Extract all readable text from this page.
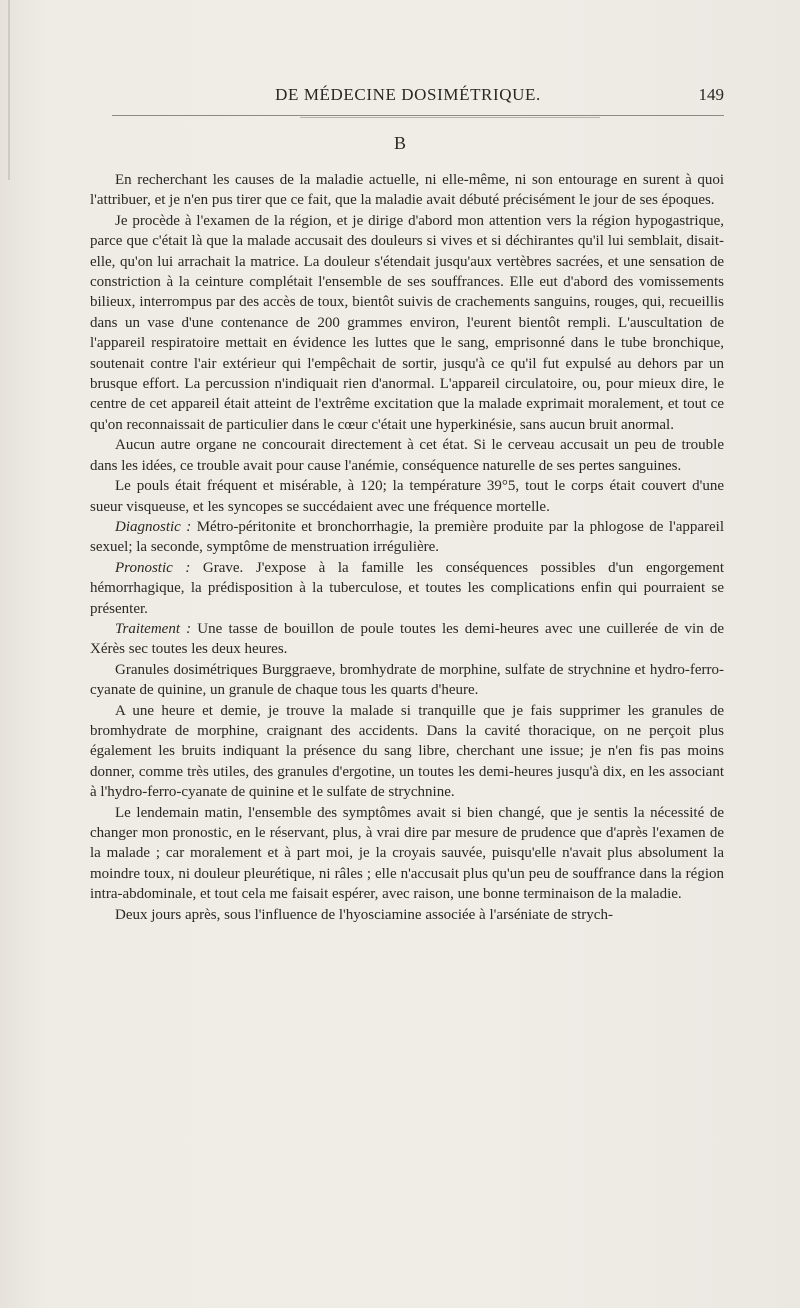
DE MÉDECINE DOSIMÉTRIQUE.	149
B

En recherchant les causes de la maladie actuelle, ni elle-même, ni son entourage en surent à quoi l'attribuer, et je n'en pus tirer que ce fait, que la maladie avait débuté précisément le jour de ses époques.

Je procède à l'examen de la région, et je dirige d'abord mon attention vers la région hypogastrique, parce que c'était là que la malade accusait des douleurs si vives et si déchirantes qu'il lui semblait, disait-elle, qu'on lui arrachait la matrice. La douleur s'étendait jusqu'aux vertèbres sacrées, et une sensation de constriction à la ceinture complétait l'ensemble de ses souffrances. Elle eut d'abord des vomissements bilieux, interrompus par des accès de toux, bientôt suivis de crachements sanguins, rouges, qui, recueillis dans un vase d'une contenance de 200 grammes environ, l'eurent bientôt rempli. L'auscultation de l'appareil respiratoire mettait en évidence les luttes que le sang, emprisonné dans le tube bronchique, soutenait contre l'air extérieur qui l'empêchait de sortir, jusqu'à ce qu'il fut expulsé au dehors par un brusque effort. La percussion n'indiquait rien d'anormal. L'appareil circulatoire, ou, pour mieux dire, le centre de cet appareil était atteint de l'extrême excitation que la malade exprimait moralement, et tout ce qu'on reconnaissait de particulier dans le cœur c'était une hyperkinésie, sans aucun bruit anormal.

Aucun autre organe ne concourait directement à cet état. Si le cerveau accusait un peu de trouble dans les idées, ce trouble avait pour cause l'anémie, conséquence naturelle de ses pertes sanguines.

Le pouls était fréquent et misérable, à 120; la température 39°5, tout le corps était couvert d'une sueur visqueuse, et les syncopes se succédaient avec une fréquence mortelle.

Diagnostic : Métro-péritonite et bronchorrhagie, la première produite par la phlogose de l'appareil sexuel; la seconde, symptôme de menstruation irrégulière.

Pronostic : Grave. J'expose à la famille les conséquences possibles d'un engorgement hémorrhagique, la prédisposition à la tuberculose, et toutes les complications enfin qui pourraient se présenter.

Traitement : Une tasse de bouillon de poule toutes les demi-heures avec une cuillerée de vin de Xérès sec toutes les deux heures.

Granules dosimétriques Burggraeve, bromhydrate de morphine, sulfate de strychnine et hydro-ferro-cyanate de quinine, un granule de chaque tous les quarts d'heure.

A une heure et demie, je trouve la malade si tranquille que je fais supprimer les granules de bromhydrate de morphine, craignant des accidents. Dans la cavité thoracique, on ne perçoit plus également les bruits indiquant la présence du sang libre, cherchant une issue; je n'en fis pas moins donner, comme très utiles, des granules d'ergotine, un toutes les demi-heures jusqu'à dix, en les associant à l'hydro-ferro-cyanate de quinine et le sulfate de strychnine.

Le lendemain matin, l'ensemble des symptômes avait si bien changé, que je sentis la nécessité de changer mon pronostic, en le réservant, plus, à vrai dire par mesure de prudence que d'après l'examen de la malade ; car moralement et à part moi, je la croyais sauvée, puisqu'elle n'avait plus absolument la moindre toux, ni douleur pleurétique, ni râles ; elle n'accusait plus qu'un peu de souffrance dans la région intra-abdominale, et tout cela me faisait espérer, avec raison, une bonne terminaison de la maladie.

Deux jours après, sous l'influence de l'hyosciamine associée à l'arséniate de strych-
